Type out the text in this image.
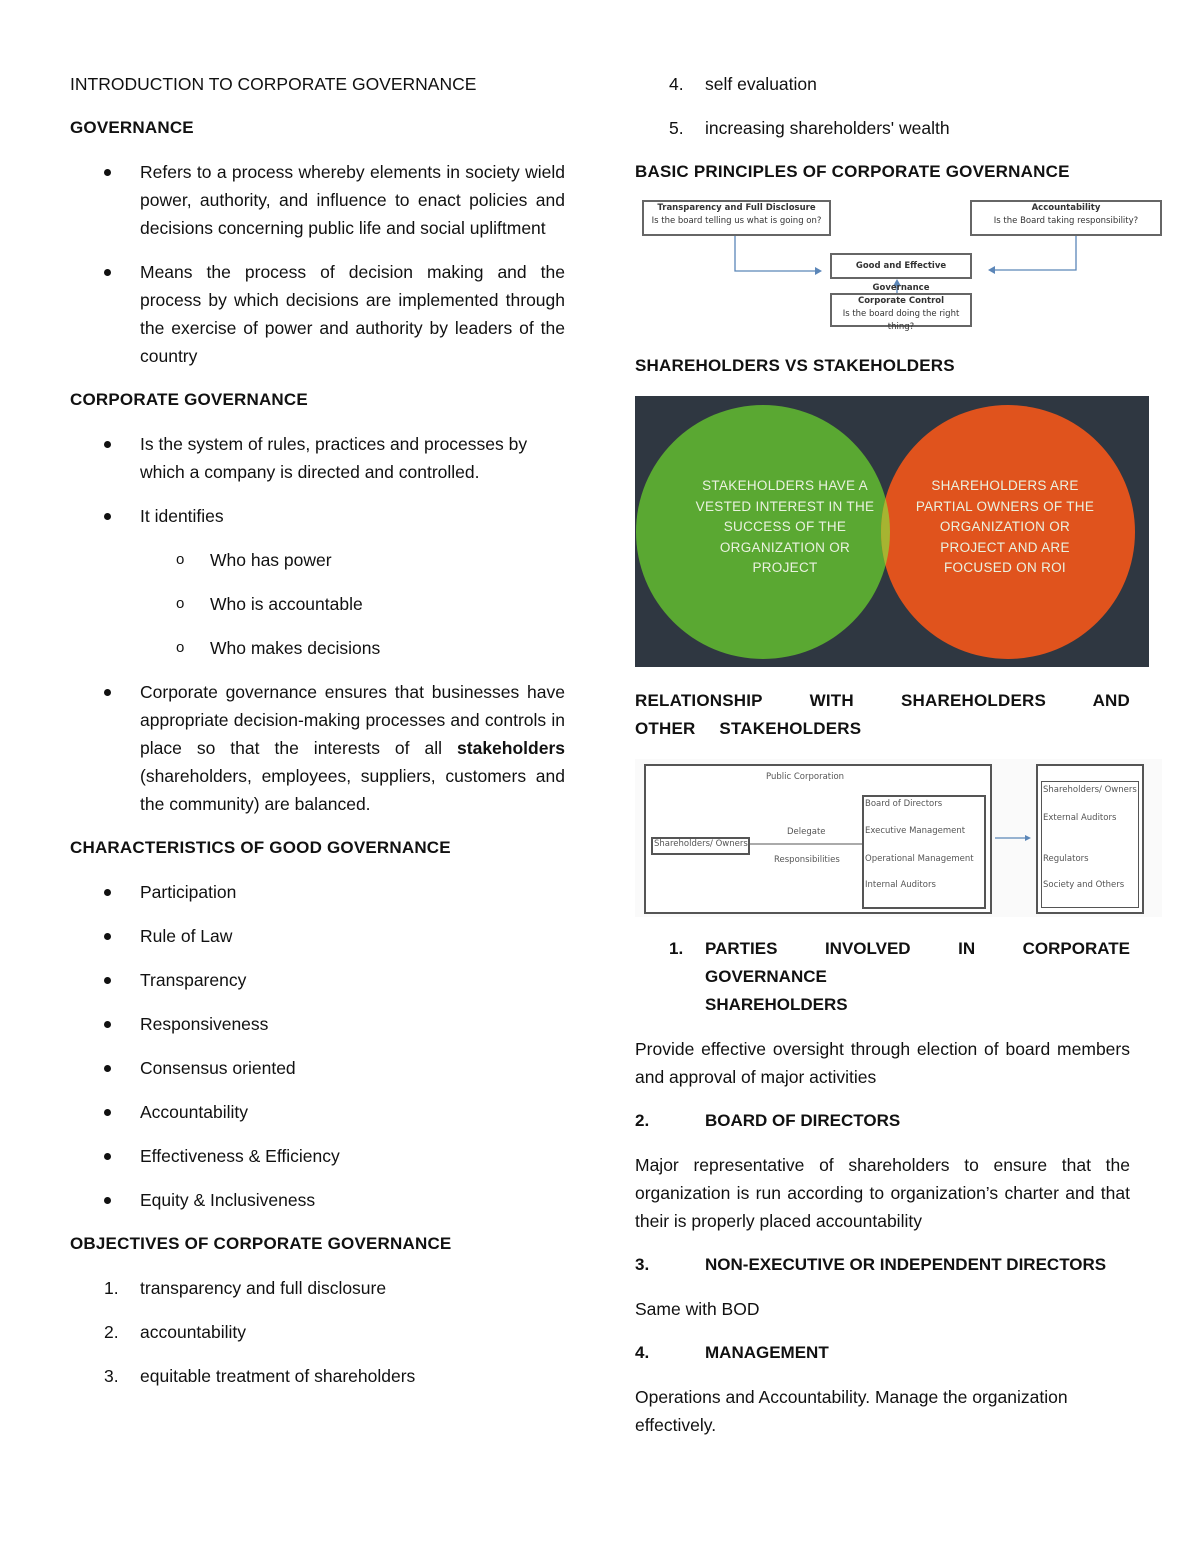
INTRODUCTION TO CORPORATE GOVERNANCE

GOVERNANCE

Refers to a process whereby elements in society wield power, authority, and influence to enact policies and decisions concerning public life and social upliftment
Means the process of decision making and the process by which decisions are implemented through the exercise of power and authority by leaders of the country

CORPORATE GOVERNANCE

Is the system of rules, practices and processes by which a company is directed and controlled.
It identifies
o Who has power
o Who is accountable
o Who makes decisions
Corporate governance ensures that businesses have appropriate decision-making processes and controls in place so that the interests of all stakeholders (shareholders, employees, suppliers, customers and the community) are balanced.

CHARACTERISTICS OF GOOD GOVERNANCE

Participation
Rule of Law
Transparency
Responsiveness
Consensus oriented
Accountability
Effectiveness & Efficiency
Equity & Inclusiveness

OBJECTIVES OF CORPORATE GOVERNANCE

1. transparency and full disclosure
2. accountability
3. equitable treatment of shareholders
4. self evaluation
5. increasing shareholders' wealth

BASIC PRINCIPLES OF CORPORATE GOVERNANCE

Transparency and Full Disclosure
Is the board telling us what is going on?
Accountability
Is the Board taking responsibility?
Good and Effective Governance
Corporate Control
Is the board doing the right thing?

SHAREHOLDERS VS STAKEHOLDERS

STAKEHOLDERS HAVE A VESTED INTEREST IN THE SUCCESS OF THE ORGANIZATION OR PROJECT
SHAREHOLDERS ARE PARTIAL OWNERS OF THE ORGANIZATION OR PROJECT AND ARE FOCUSED ON ROI

RELATIONSHIP WITH SHAREHOLDERS AND OTHER STAKEHOLDERS

Public Corporation
Shareholders/ Owners
Delegate
Responsibilities
Board of Directors
Executive Management
Operational Management
Internal Auditors
Shareholders/ Owners
External Auditors
Regulators
Society and Others
1. PARTIES INVOLVED IN CORPORATE GOVERNANCE
SHAREHOLDERS

Provide effective oversight through election of board members and approval of major activities

2.	BOARD OF DIRECTORS

Major representative of shareholders to ensure that the organization is run according to organization’s charter and that their is properly placed accountability

3.	NON-EXECUTIVE OR INDEPENDENT DIRECTORS

Same with BOD

4.	MANAGEMENT

Operations and Accountability. Manage the organization effectively.
